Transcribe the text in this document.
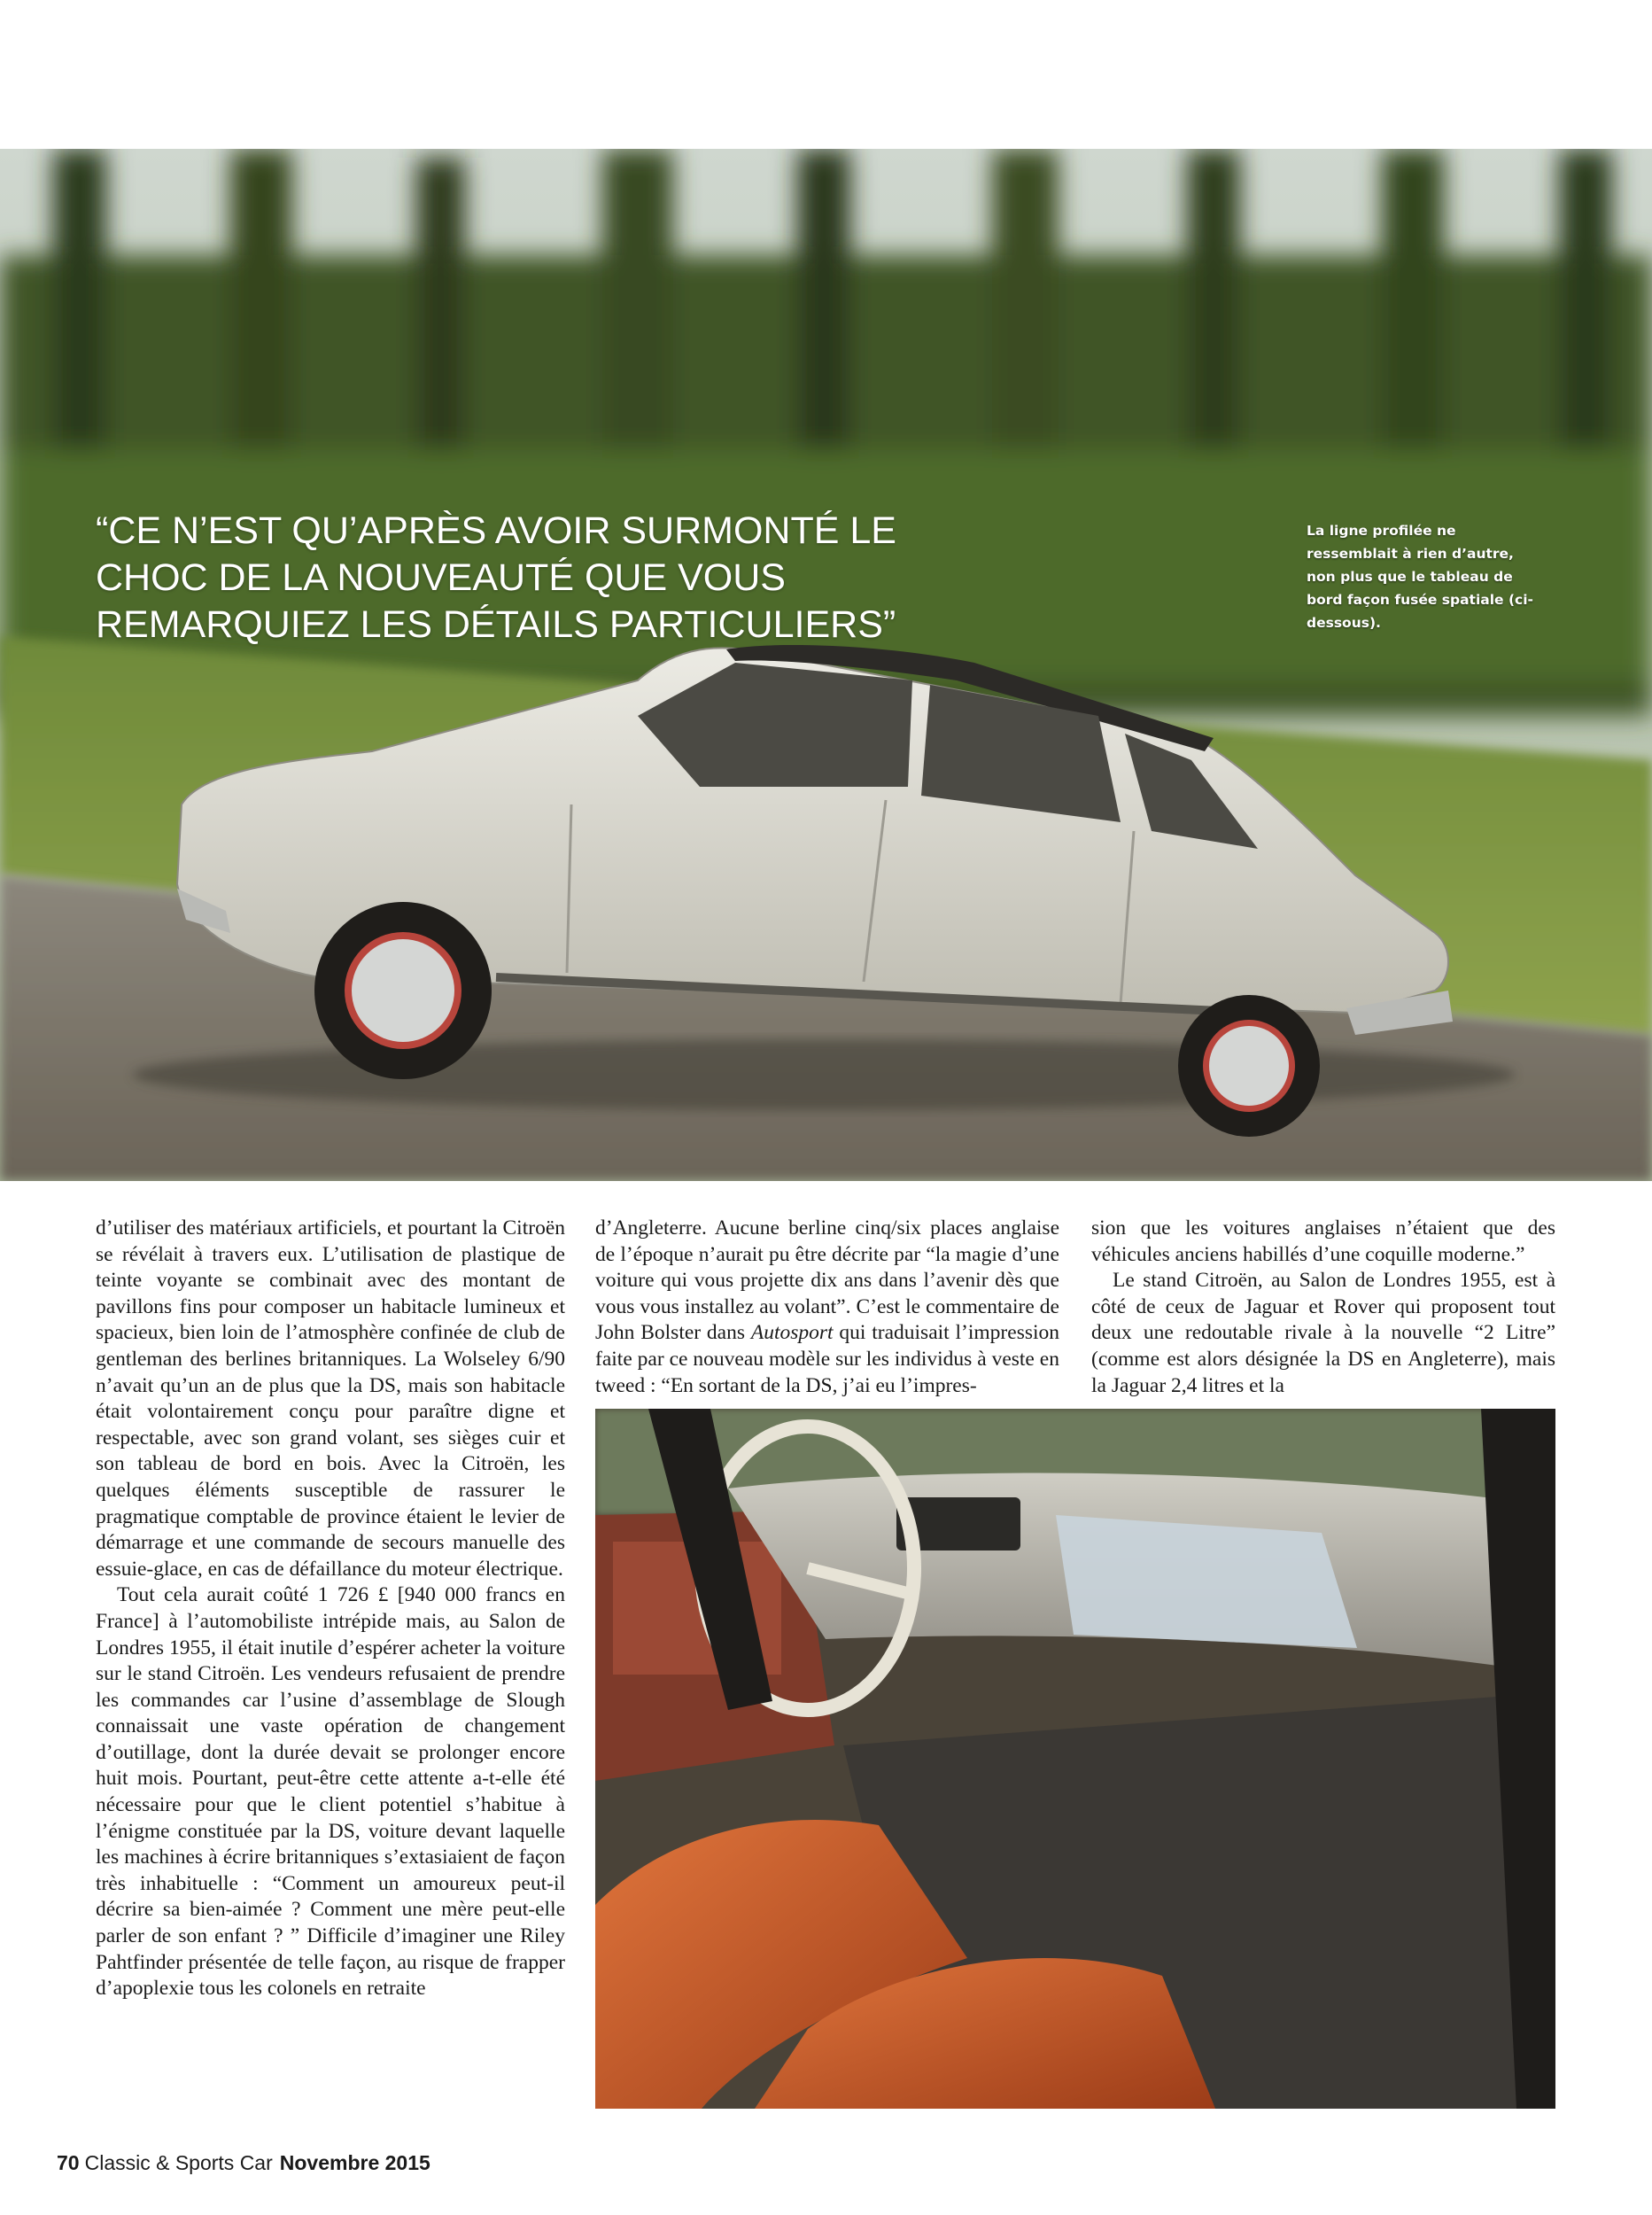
“CE N’EST QU’APRÈS AVOIR SURMONTÉ LE CHOC DE LA NOUVEAUTÉ QUE VOUS REMARQUIEZ LES DÉTAILS PARTICULIERS”
La ligne profilée ne ressemblait à rien d’autre, non plus que le tableau de bord façon fusée spatiale (ci-dessous).

d’utiliser des matériaux artificiels, et pourtant la Citroën se révélait à travers eux. L’utilisation de plastique de teinte voyante se combinait avec des montant de pavillons fins pour composer un habitacle lumineux et spacieux, bien loin de l’atmosphère confinée de club de gentleman des berlines britanniques. La Wolseley 6/90 n’avait qu’un an de plus que la DS, mais son habitacle était volontairement conçu pour paraître digne et respectable, avec son grand volant, ses sièges cuir et son tableau de bord en bois. Avec la Citroën, les quelques éléments susceptible de rassurer le pragmatique comptable de province étaient le levier de démarrage et une commande de secours manuelle des essuie-glace, en cas de défaillance du moteur électrique.

Tout cela aurait coûté 1 726 £ [940 000 francs en France] à l’automobiliste intrépide mais, au Salon de Londres 1955, il était inutile d’espérer acheter la voiture sur le stand Citroën. Les vendeurs refusaient de prendre les commandes car l’usine d’assemblage de Slough connaissait une vaste opération de changement d’outillage, dont la durée devait se prolonger encore huit mois. Pourtant, peut-être cette attente a-t-elle été nécessaire pour que le client potentiel s’habitue à l’énigme constituée par la DS, voiture devant laquelle les machines à écrire britanniques s’extasiaient de façon très inhabituelle : “Comment un amoureux peut-il décrire sa bien-aimée ? Comment une mère peut-elle parler de son enfant ? ” Difficile d’imaginer une Riley Pahtfinder présentée de telle façon, au risque de frapper d’apoplexie tous les colonels en retraite

d’Angleterre. Aucune berline cinq/six places anglaise de l’époque n’aurait pu être décrite par “la magie d’une voiture qui vous projette dix ans dans l’avenir dès que vous vous installez au volant”. C’est le commentaire de John Bolster dans Autosport qui traduisait l’impression faite par ce nouveau modèle sur les individus à veste en tweed : “En sortant de la DS, j’ai eu l’impres-

sion que les voitures anglaises n’étaient que des véhicules anciens habillés d’une coquille moderne.”

Le stand Citroën, au Salon de Londres 1955, est à côté de ceux de Jaguar et Rover qui proposent tout deux une redoutable rivale à la nouvelle “2 Litre” (comme est alors désignée la DS en Angleterre), mais la Jaguar 2,4 litres et la

70 Classic & Sports Car Novembre 2015
